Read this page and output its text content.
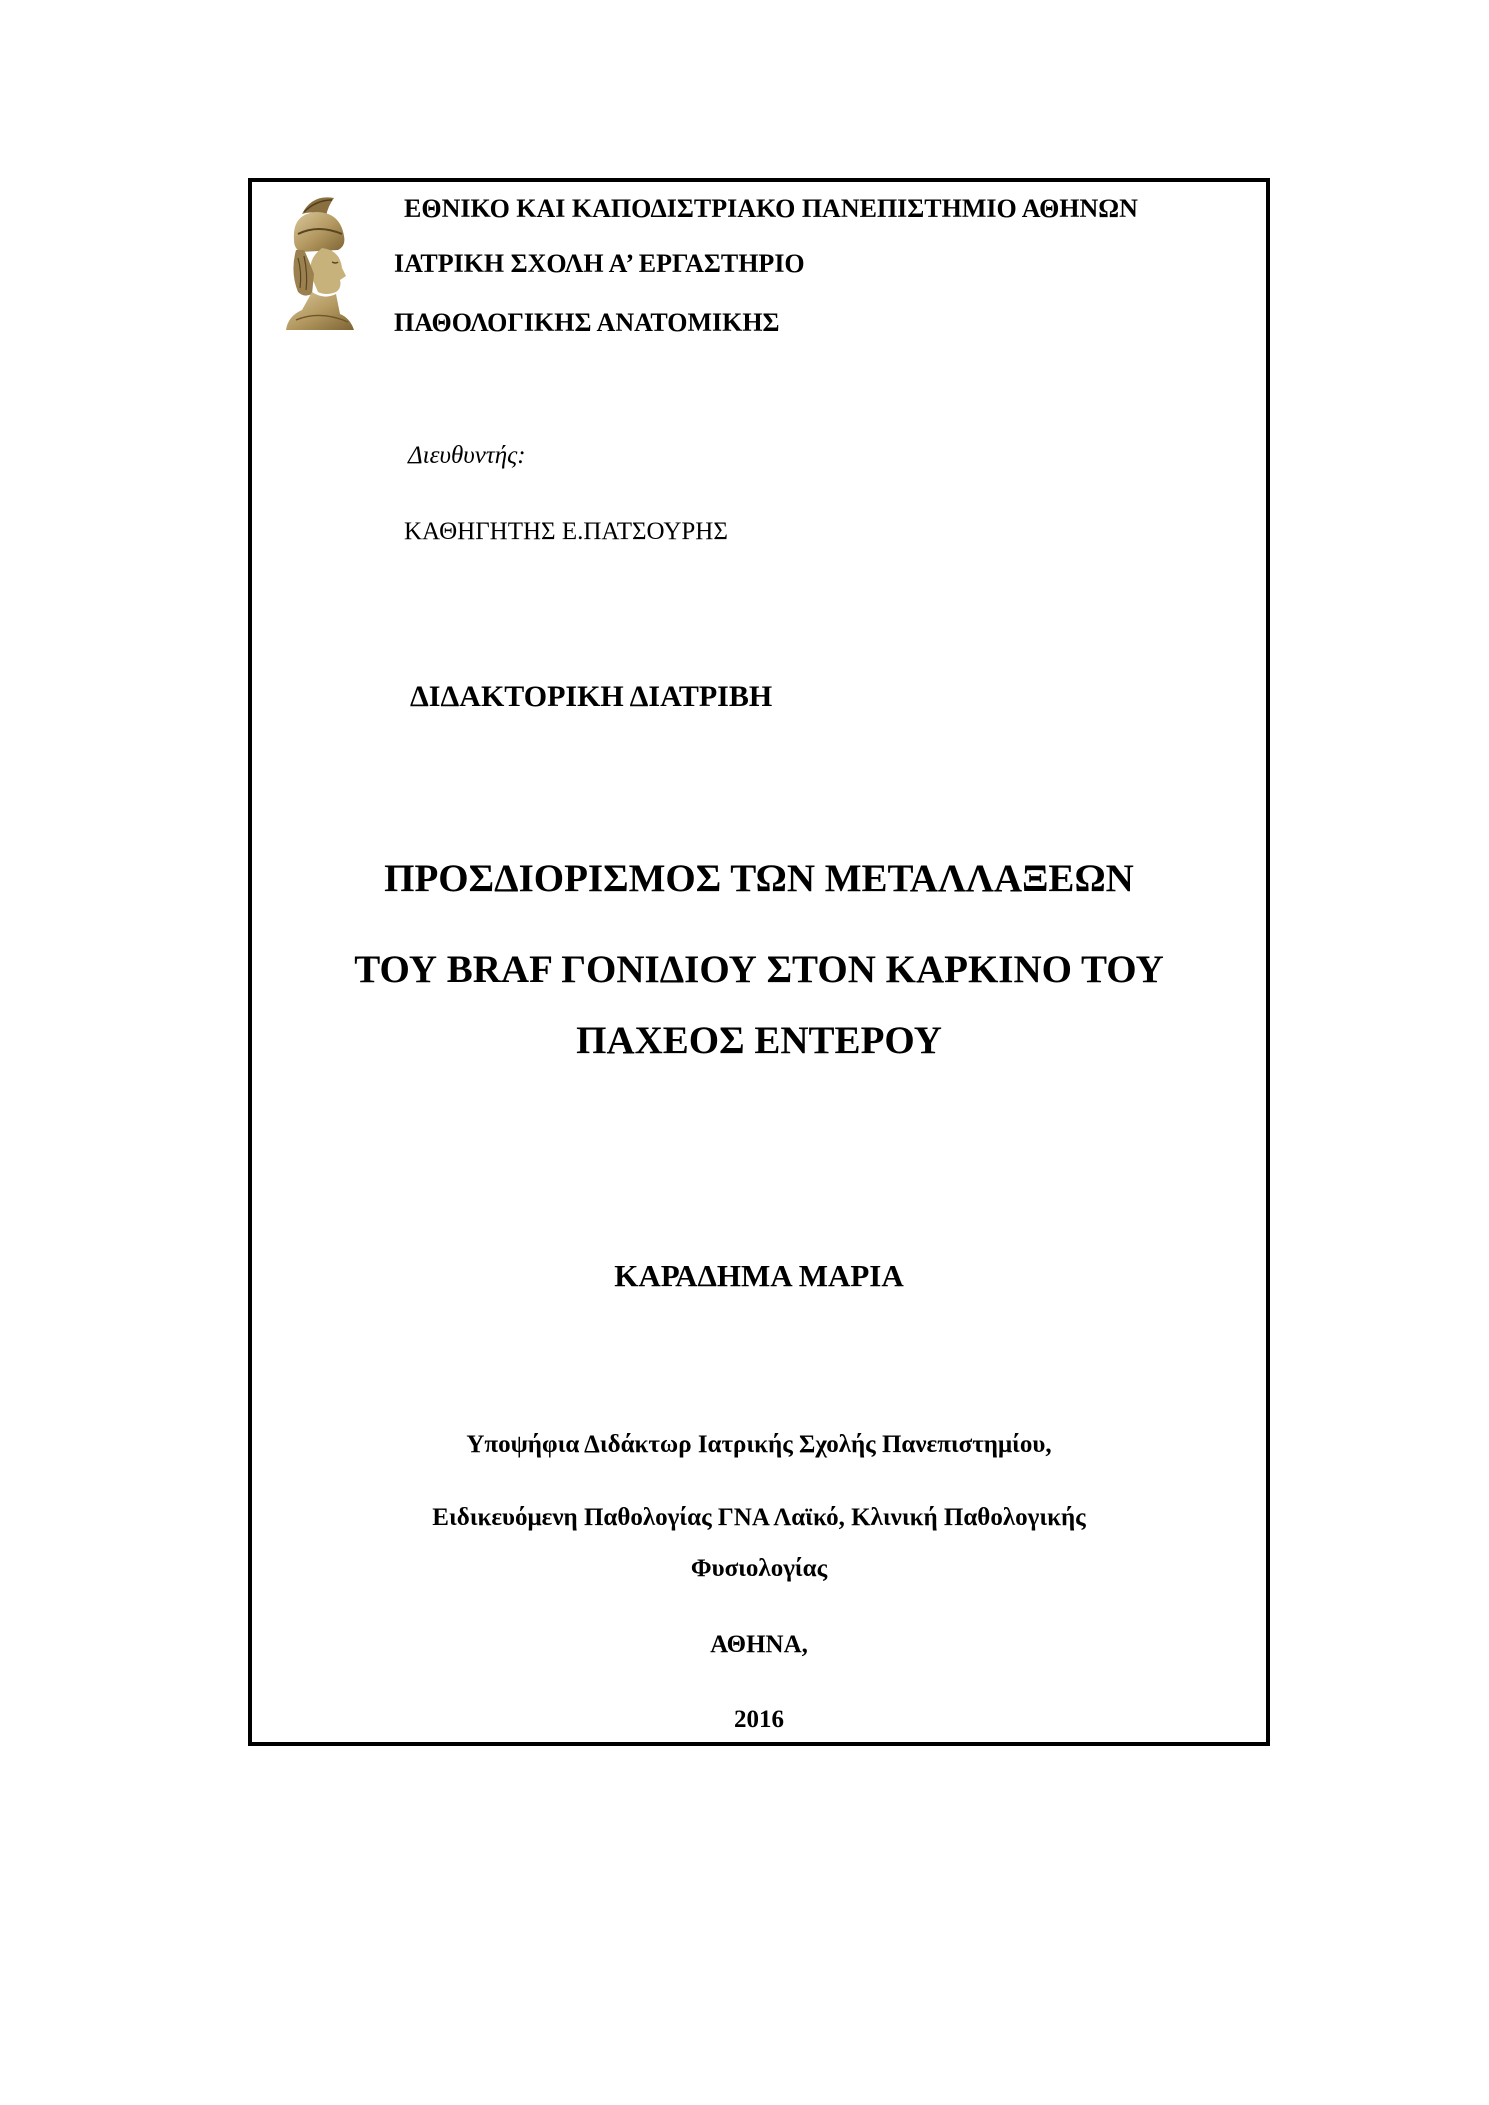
ΕΘΝΙΚΟ ΚΑΙ ΚΑΠΟΔΙΣΤΡΙΑΚΟ ΠΑΝΕΠΙΣΤΗΜΙΟ ΑΘΗΝΩΝ
ΙΑΤΡΙΚΗ ΣΧΟΛΗ Α’ ΕΡΓΑΣΤΗΡΙΟ
ΠΑΘΟΛΟΓΙΚΗΣ ΑΝΑΤΟΜΙΚΗΣ
Διευθυντής:
ΚΑΘΗΓΗΤΗΣ Ε.ΠΑΤΣΟΥΡΗΣ
ΔΙΔΑΚΤΟΡΙΚΗ ΔΙΑΤΡΙΒΗ
ΠΡΟΣΔΙΟΡΙΣΜΟΣ ΤΩΝ ΜΕΤΑΛΛΑΞΕΩΝ
ΤΟΥ BRAF ΓΟΝΙΔΙΟΥ ΣΤΟΝ ΚΑΡΚΙΝΟ ΤΟΥ
ΠΑΧΕΟΣ ΕΝΤΕΡΟΥ
ΚΑΡΑΔΗΜΑ ΜΑΡΙΑ
Υποψήφια Διδάκτωρ Ιατρικής Σχολής Πανεπιστημίου,
Ειδικευόμενη Παθολογίας ΓΝΑ Λαϊκό, Κλινική Παθολογικής
Φυσιολογίας
ΑΘΗΝΑ,
2016
